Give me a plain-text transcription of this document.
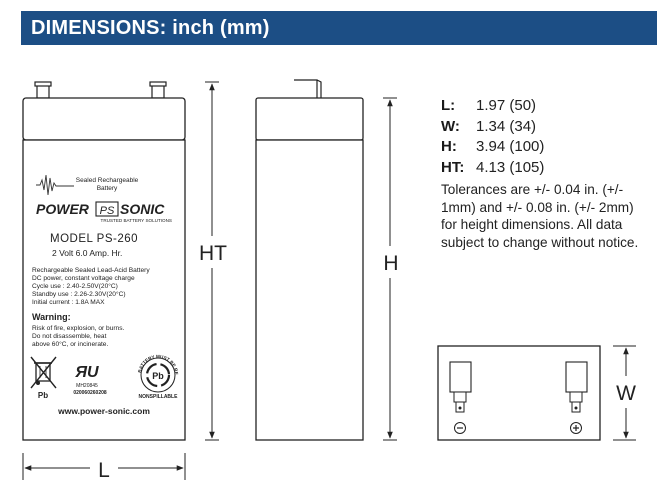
DIMENSIONS: inch (mm)
Sealed Rechargeable
Battery
POWER PS SONIC
TRUSTED BATTERY SOLUTIONS
MODEL PS-260
2 Volt 6.0 Amp. Hr.
Rechargeable Sealed Lead-Acid Battery
DC power, constant voltage charge
Cycle use : 2.40-2.50V(20°C)
Standby use : 2.26-2.30V(20°C)
Initial current : 1.8A MAX
Warning:
Risk of fire, explosion, or burns.
Do not disassemble, heat
above 60°C, or incinerate.
Pb
ЯU
MH20845
020060260208
BATTERY MUST BE RE
Pb
NONSPILLABLE
www.power-sonic.com
HT
L
H
W
L:	1.97 (50)
W:	1.34 (34)
H:	3.94 (100)
HT: 4.13 (105)
Tolerances are +/- 0.04 in. (+/- 1mm) and +/- 0.08 in. (+/- 2mm) for height dimensions. All data subject to change without notice.
